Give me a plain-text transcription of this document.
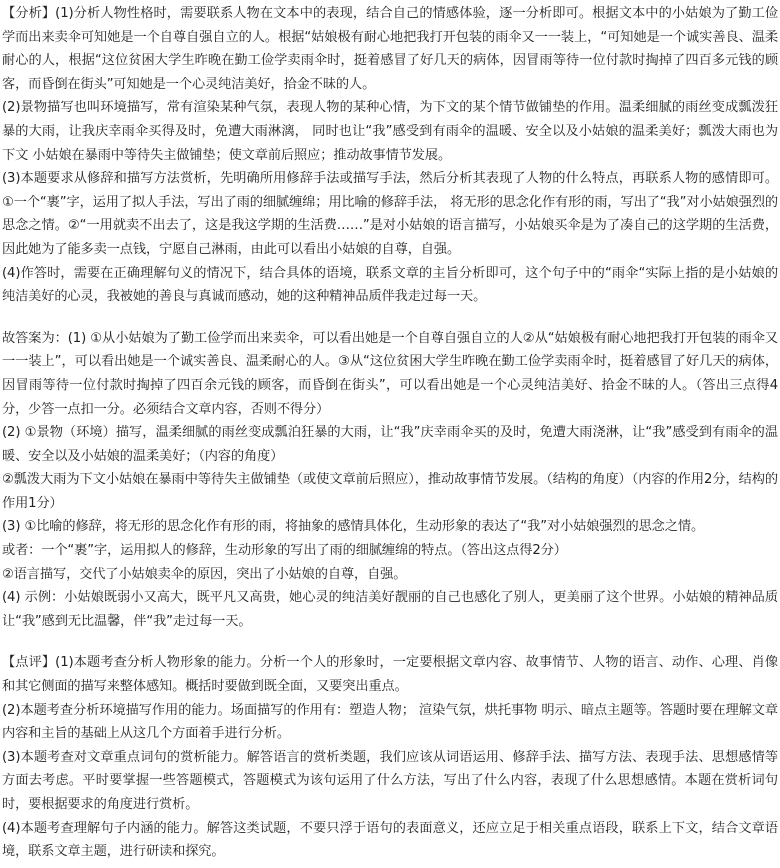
【分析】(1)分析人物性格时，需要联系人物在文本中的表现，结合自己的情感体验，逐一分析即可。根据文本中的小姑娘为了勤工俭学而出来卖伞可知她是一个自尊自强自立的人。根据“姑娘极有耐心地把我打开包装的雨伞又一一装上，“可知她是一个诚实善良、温柔耐心的人，根据“这位贫困大学生昨晚在勤工俭学卖雨伞时，挺着感冒了好几天的病体，因冒雨等待一位付款时掏掉了四百多元钱的顾客，而昏倒在街头”可知她是一个心灵纯洁美好，拾金不昧的人。

(2)景物描写也叫环境描写，常有渲染某种气氛，表现人物的某种心情，为下文的某个情节做铺垫的作用。温柔细腻的雨丝变成瓢泼狂暴的大雨，让我庆幸雨伞买得及时，免遭大雨淋漓， 同时也让“我”感受到有雨伞的温暖、安全以及小姑娘的温柔美好；瓢泼大雨也为下文 小姑娘在暴雨中等待失主做铺垫；使文章前后照应；推动故事情节发展。

(3)本题要求从修辞和描写方法赏析，先明确所用修辞手法或描写手法，然后分析其表现了人物的什么特点，再联系人物的感情即可。①一个“裹”字，运用了拟人手法，写出了雨的细腻缠绵；用比喻的修辞手法， 将无形的思念化作有形的雨，写出了“我”对小姑娘强烈的思念之情。②“一用就卖不出去了，这是我这学期的生活费……”是对小姑娘的语言描写，小姑娘买伞是为了凑自己的这学期的生活费，因此她为了能多卖一点钱，宁愿自己淋雨，由此可以看出小姑娘的自尊，自强。

(4)作答时，需要在正确理解句义的情况下，结合具体的语境，联系文章的主旨分析即可，这个句子中的“雨伞“实际上指的是小姑娘的纯洁美好的心灵，我被她的善良与真诚而感动，她的这种精神品质伴我走过每一天。

故答案为：(1) ①从小姑娘为了勤工俭学而出来卖伞，可以看出她是一个自尊自强自立的人②从“姑娘极有耐心地把我打开包装的雨伞又一一装上”，可以看出她是一个诚实善良、温柔耐心的人。③从“这位贫困大学生昨晚在勤工俭学卖雨伞时，挺着感冒了好几天的病体，因冒雨等待一位付款时掏掉了四百余元钱的顾客，而昏倒在街头”，可以看出她是一个心灵纯洁美好、拾金不昧的人。（答出三点得4分，少答一点扣一分。必须结合文章内容，否则不得分）

(2) ①景物（环境）描写，温柔细腻的雨丝变成瓢泊狂暴的大雨，让“我”庆幸雨伞买的及时，免遭大雨浇淋，让“我”感受到有雨伞的温暖、安全以及小姑娘的温柔美好；（内容的角度）

②瓢泼大雨为下文小姑娘在暴雨中等待失主做铺垫（或使文章前后照应），推动故事情节发展。（结构的角度）（内容的作用2分，结构的作用1分）

(3) ①比喻的修辞，将无形的思念化作有形的雨，将抽象的感情具体化，生动形象的表达了“我”对小姑娘强烈的思念之情。

或者：一个“裹”字，运用拟人的修辞，生动形象的写出了雨的细腻缠绵的特点。（答出这点得2分）

②语言描写，交代了小姑娘卖伞的原因，突出了小姑娘的自尊，自强。

(4) 示例：小姑娘既弱小又高大，既平凡又高贵，她心灵的纯洁美好靓丽的自己也感化了别人，更美丽了这个世界。小姑娘的精神品质让“我”感到无比温馨，伴“我”走过每一天。

【点评】(1)本题考查分析人物形象的能力。分析一个人的形象时，一定要根据文章内容、故事情节、人物的语言、动作、心理、肖像和其它侧面的描写来整体感知。概括时要做到既全面，又要突出重点。

(2)本题考查分析环境描写作用的能力。场面描写的作用有：塑造人物； 渲染气氛，烘托事物 明示、暗点主题等。答题时要在理解文章内容和主旨的基础上从这几个方面着手进行分析。

(3)本题考查对文章重点词句的赏析能力。解答语言的赏析类题，我们应该从词语运用、修辞手法、描写方法、表现手法、思想感情等方面去考虑。平时要掌握一些答题模式，答题模式为该句运用了什么方法，写出了什么内容，表现了什么思想感情。本题在赏析词句时，要根据要求的角度进行赏析。

(4)本题考查理解句子内涵的能力。解答这类试题，不要只浮于语句的表面意义，还应立足于相关重点语段，联系上下文，结合文章语境，联系文章主题，进行研读和探究。
